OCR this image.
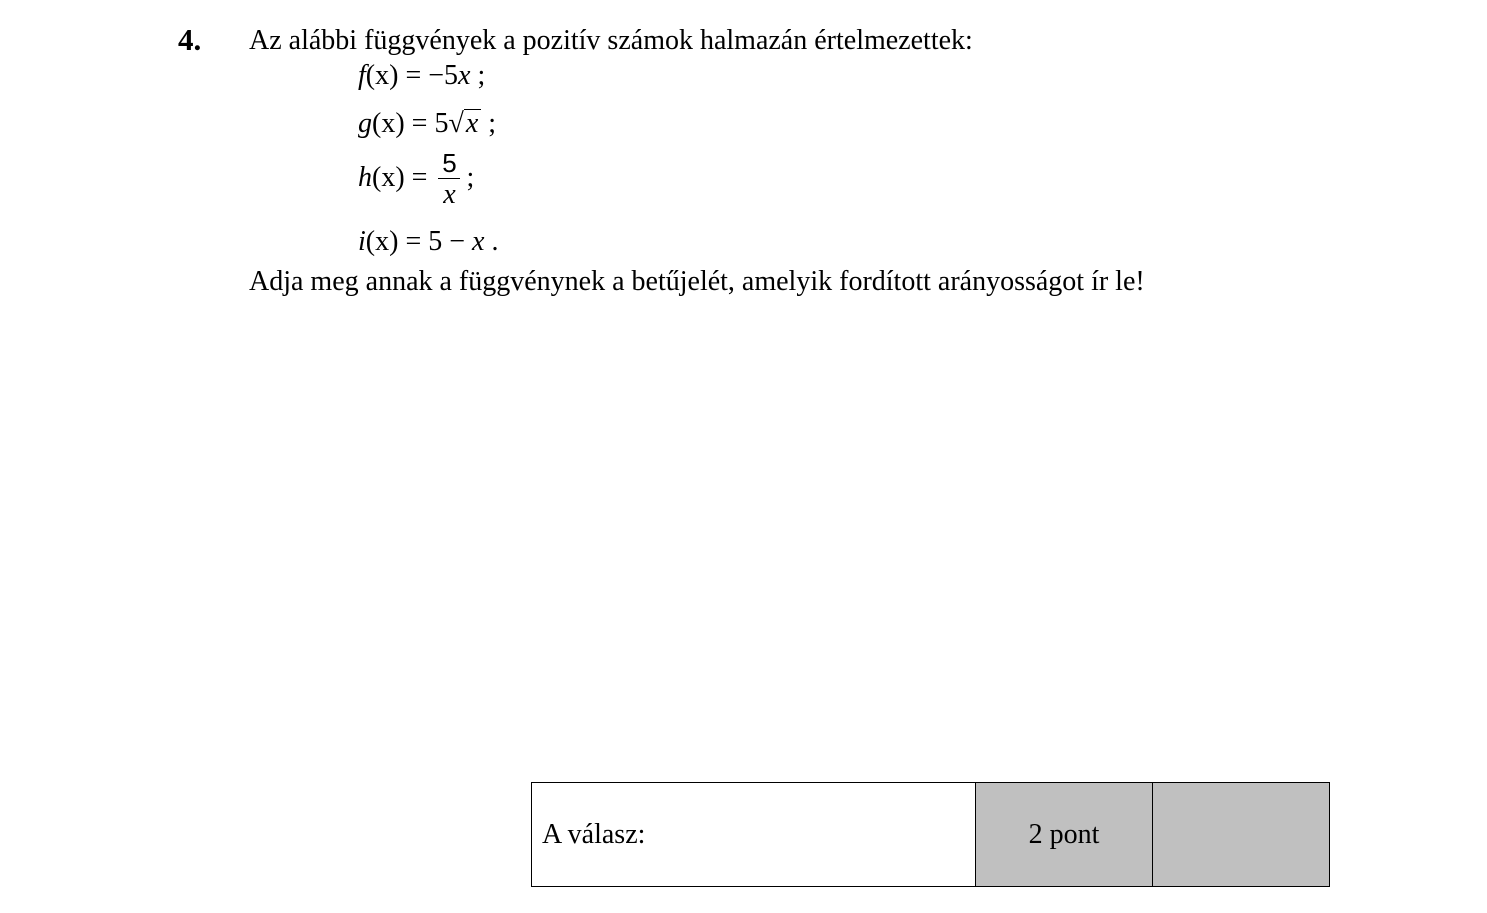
4. Az alábbi függvények a pozitív számok halmazán értelmezettek:
f(x) = −5x ;
g(x) = 5√x ;
$h(x) = \frac{5}{x}$ ;
i(x) = 5 − x .
Adja meg annak a függvénynek a betűjelét, amelyik fordított arányosságot ír le!
A válasz:	2 pont	
